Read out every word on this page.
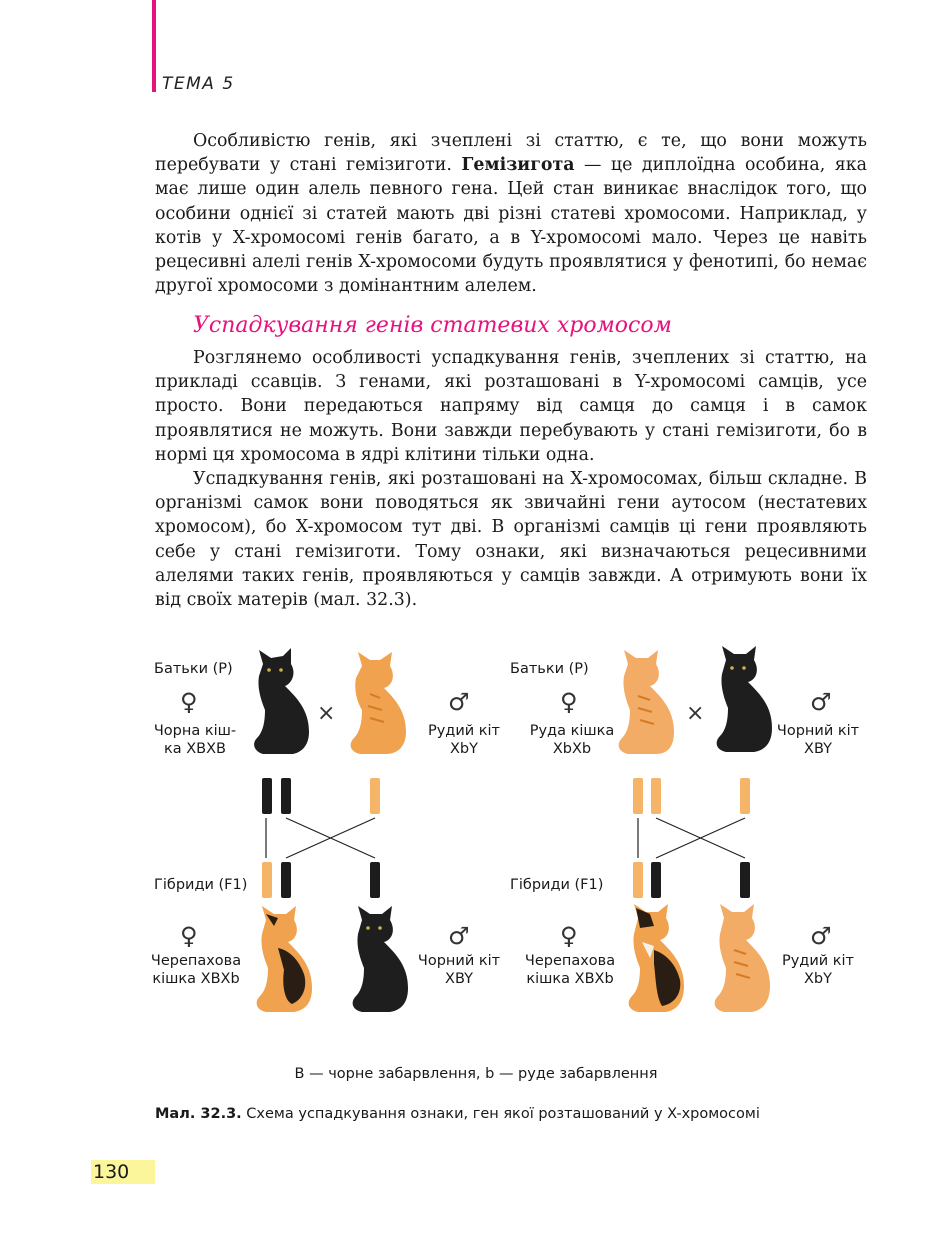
ТЕМА 5

Особливістю генів, які зчеплені зі статтю, є те, що вони можуть перебувати у стані гемізиготи. Гемізигота — це диплоїдна особина, яка має лише один алель певного гена. Цей стан виникає внаслідок того, що особини однієї зі статей мають дві різні статеві хромосоми. Наприклад, у котів у X-хромосомі генів багато, а в Y-хромосомі мало. Через це навіть рецесивні алелі генів X-хромосоми будуть проявлятися у фенотипі, бо немає другої хромосоми з домінантним алелем.

Успадкування генів статевих хромосом

Розглянемо особливості успадкування генів, зчеплених зі статтю, на прикладі ссавців. З генами, які розташовані в Y-хромосомі самців, усе просто. Вони передаються напряму від самця до самця і в самок проявлятися не можуть. Вони завжди перебувають у стані гемізиготи, бо в нормі ця хромосома в ядрі клітини тільки одна.

Успадкування генів, які розташовані на X-хромосомах, більш складне. В організмі самок вони поводяться як звичайні гени аутосом (нестатевих хромосом), бо X-хромосом тут дві. В організмі самців ці гени проявляють себе у стані гемізиготи. Тому ознаки, які визначаються рецесивними алелями таких генів, проявляються у самців завжди. А отримують вони їх від своїх матерів (мал. 32.3).

Батьки (P)
♀
Чорна кіш-
ка XBXB
×	♂
Рудий кіт
XbY
Гібриди (F1)
♀
Черепахова
кішка XBXb
♂
Чорний кіт
XBY
Батьки (P)
♀
Руда кішка
XbXb
×	♂
Чорний кіт
XBY
Гібриди (F1)
♀
Черепахова
кішка XBXb
♂
Рудий кіт
XbY
B — чорне забарвлення, b — руде забарвлення
Мал. 32.3. Схема успадкування ознаки, ген якої розташований у X-хромосомі
130
